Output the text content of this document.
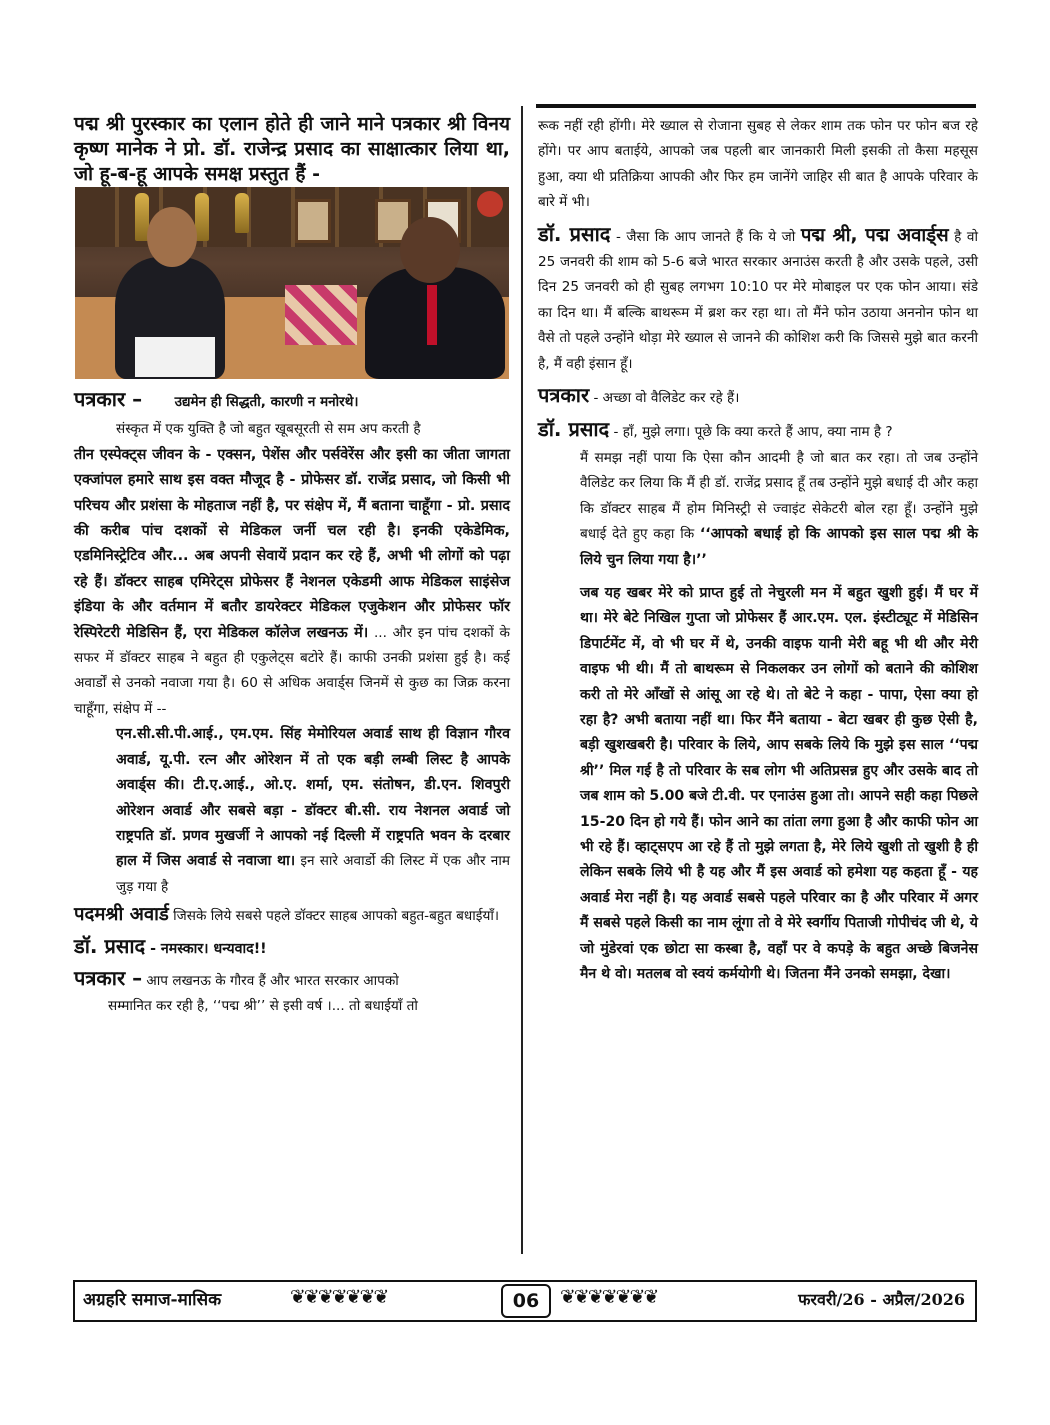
पद्म श्री पुरस्कार का एलान होते ही जाने माने पत्रकार श्री विनय कृष्ण मानेक ने प्रो. डॉ. राजेन्द्र प्रसाद का साक्षात्कार लिया था, जो हू-ब-हू आपके समक्ष प्रस्तुत हैं -

पत्रकार – उद्यमेन ही सिद्धती, कारणी न मनोरथे।

संस्कृत में एक युक्ति है जो बहुत खूबसूरती से सम अप करती है

तीन एस्पेक्ट्स जीवन के - एक्सन, पेशेंस और पर्सवेरेंस और इसी का जीता जागता एक्जांपल हमारे साथ इस वक्त मौजूद है - प्रोफेसर डॉ. राजेंद्र प्रसाद, जो किसी भी परिचय और प्रशंसा के मोहताज नहीं है, पर संक्षेप में, मैं बताना चाहूँगा - प्रो. प्रसाद की करीब पांच दशकों से मेडिकल जर्नी चल रही है। इनकी एकेडेमिक, एडमिनिस्ट्रेटिव और... अब अपनी सेवायें प्रदान कर रहे हैं, अभी भी लोगों को पढ़ा रहे हैं। डॉक्टर साहब एमिरेट्स प्रोफेसर हैं नेशनल एकेडमी आफ मेडिकल साइंसेज इंडिया के और वर्तमान में बतौर डायरेक्टर मेडिकल एजुकेशन और प्रोफेसर फॉर रेस्पिरेटरी मेडिसिन हैं, एरा मेडिकल कॉलेज लखनऊ में। ... और इन पांच दशकों के सफर में डॉक्टर साहब ने बहुत ही एकुलेट्स बटोरे हैं। काफी उनकी प्रशंसा हुई है। कई अवार्डों से उनको नवाजा गया है। 60 से अधिक अवार्ड्स जिनमें से कुछ का जिक्र करना चाहूँगा, संक्षेप में --

एन.सी.सी.पी.आई., एम.एम. सिंह मेमोरियल अवार्ड साथ ही विज्ञान गौरव अवार्ड, यू.पी. रत्न और ओरेशन में तो एक बड़ी लम्बी लिस्ट है आपके अवार्ड्स की। टी.ए.आई., ओ.ए. शर्मा, एम. संतोषन, डी.एन. शिवपुरी ओरेशन अवार्ड और सबसे बड़ा - डॉक्टर बी.सी. राय नेशनल अवार्ड जो राष्ट्रपति डॉ. प्रणव मुखर्जी ने आपको नई दिल्ली में राष्ट्रपति भवन के दरबार हाल में जिस अवार्ड से नवाजा था। इन सारे अवार्डो की लिस्ट में एक और नाम जुड़ गया है

पदमश्री अवार्ड जिसके लिये सबसे पहले डॉक्टर साहब आपको बहुत-बहुत बधाईयाँ।

डॉ. प्रसाद - नमस्कार। धन्यवाद!!

पत्रकार – आप लखनऊ के गौरव हैं और भारत सरकार आपको

सम्मानित कर रही है, ‘‘पद्म श्री’’ से इसी वर्ष ।... तो बधाईयाँ तो

रूक नहीं रही होंगी। मेरे ख्याल से रोजाना सुबह से लेकर शाम तक फोन पर फोन बज रहे होंगे। पर आप बताईये, आपको जब पहली बार जानकारी मिली इसकी तो कैसा महसूस हुआ, क्या थी प्रतिक्रिया आपकी और फिर हम जानेंगे जाहिर सी बात है आपके परिवार के बारे में भी।

डॉ. प्रसाद - जैसा कि आप जानते हैं कि ये जो पद्म श्री, पद्म अवार्ड्स है वो 25 जनवरी की शाम को 5-6 बजे भारत सरकार अनाउंस करती है और उसके पहले, उसी दिन 25 जनवरी को ही सुबह लगभग 10:10 पर मेरे मोबाइल पर एक फोन आया। संडे का दिन था। मैं बल्कि बाथरूम में ब्रश कर रहा था। तो मैंने फोन उठाया अननोन फोन था वैसे तो पहले उन्होंने थोड़ा मेरे ख्याल से जानने की कोशिश करी कि जिससे मुझे बात करनी है, मैं वही इंसान हूँ।

पत्रकार - अच्छा वो वैलिडेट कर रहे हैं।

डॉ. प्रसाद - हाँ, मुझे लगा। पूछे कि क्या करते हैं आप, क्या नाम है ?

मैं समझ नहीं पाया कि ऐसा कौन आदमी है जो बात कर रहा। तो जब उन्होंने वैलिडेट कर लिया कि मैं ही डॉ. राजेंद्र प्रसाद हूँ तब उन्होंने मुझे बधाई दी और कहा कि डॉक्टर साहब मैं होम मिनिस्ट्री से ज्वाइंट सेकेटरी बोल रहा हूँ। उन्होंने मुझे बधाई देते हुए कहा कि ‘‘आपको बधाई हो कि आपको इस साल पद्म श्री के लिये चुन लिया गया है।’’

जब यह खबर मेरे को प्राप्त हुई तो नेचुरली मन में बहुत खुशी हुई। मैं घर में था। मेरे बेटे निखिल गुप्ता जो प्रोफेसर हैं आर.एम. एल. इंस्टीट्यूट में मेडिसिन डिपार्टमेंट में, वो भी घर में थे, उनकी वाइफ यानी मेरी बहू भी थी और मेरी वाइफ भी थी। मैं तो बाथरूम से निकलकर उन लोगों को बताने की कोशिश करी तो मेरे आँखों से आंसू आ रहे थे। तो बेटे ने कहा - पापा, ऐसा क्या हो रहा है? अभी बताया नहीं था। फिर मैंने बताया - बेटा खबर ही कुछ ऐसी है, बड़ी खुशखबरी है। परिवार के लिये, आप सबके लिये कि मुझे इस साल ‘‘पद्म श्री’’ मिल गई है तो परिवार के सब लोग भी अतिप्रसन्न हुए और उसके बाद तो जब शाम को 5.00 बजे टी.वी. पर एनाउंस हुआ तो। आपने सही कहा पिछले 15-20 दिन हो गये हैं। फोन आने का तांता लगा हुआ है और काफी फोन आ भी रहे हैं। व्हाट्सएप आ रहे हैं तो मुझे लगता है, मेरे लिये खुशी तो खुशी है ही लेकिन सबके लिये भी है यह और मैं इस अवार्ड को हमेशा यह कहता हूँ - यह अवार्ड मेरा नहीं है। यह अवार्ड सबसे पहले परिवार का है और परिवार में अगर मैं सबसे पहले किसी का नाम लूंगा तो वे मेरे स्वर्गीय पिताजी गोपीचंद जी थे, ये जो मुंडेरवां एक छोटा सा कस्बा है, वहाँ पर वे कपड़े के बहुत अच्छे बिजनेस मैन थे वो। मतलब वो स्वयं कर्मयोगी थे। जितना मैंने उनको समझा, देखा।

अग्रहरि समाज-मासिक	❦❦❦❦❦❦❦	06	❦❦❦❦❦❦❦	फरवरी/26 - अप्रैल/2026
